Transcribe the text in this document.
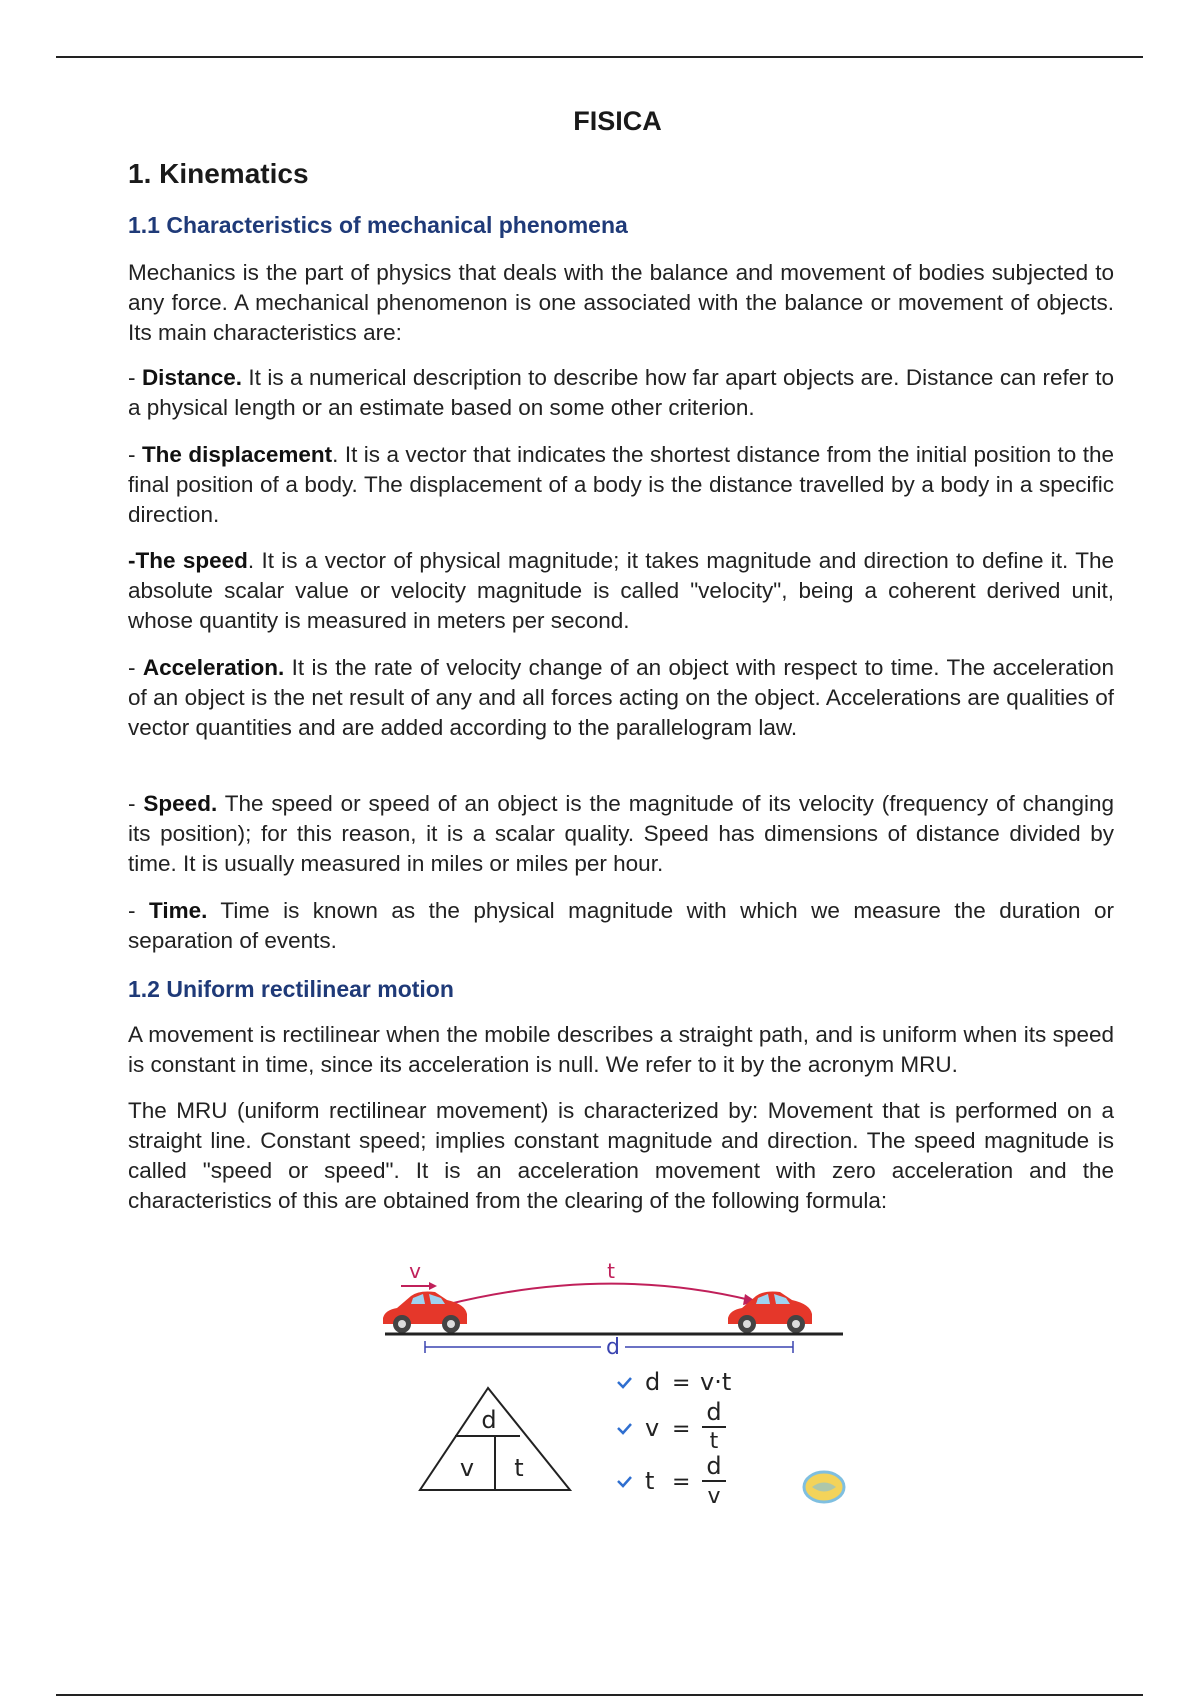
FISICA
1. Kinematics
1.1 Characteristics of mechanical phenomena

Mechanics is the part of physics that deals with the balance and movement of bodies subjected to any force. A mechanical phenomenon is one associated with the balance or movement of objects. Its main characteristics are:

- Distance. It is a numerical description to describe how far apart objects are. Distance can refer to a physical length or an estimate based on some other criterion.

- The displacement. It is a vector that indicates the shortest distance from the initial position to the final position of a body. The displacement of a body is the distance travelled by a body in a specific direction.

-The speed. It is a vector of physical magnitude; it takes magnitude and direction to define it. The absolute scalar value or velocity magnitude is called "velocity", being a coherent derived unit, whose quantity is measured in meters per second.

- Acceleration. It is the rate of velocity change of an object with respect to time. The acceleration of an object is the net result of any and all forces acting on the object. Accelerations are qualities of vector quantities and are added according to the parallelogram law.

- Speed. The speed or speed of an object is the magnitude of its velocity (frequency of changing its position); for this reason, it is a scalar quality. Speed has dimensions of distance divided by time. It is usually measured in miles or miles per hour.

- Time. Time is known as the physical magnitude with which we measure the duration or separation of events.

1.2 Uniform rectilinear motion

A movement is rectilinear when the mobile describes a straight path, and is uniform when its speed is constant in time, since its acceleration is null. We refer to it by the acronym MRU.

The MRU (uniform rectilinear movement) is characterized by: Movement that is performed on a straight line. Constant speed; implies constant magnitude and direction. The speed magnitude is called "speed or speed". It is an acceleration movement with zero acceleration and the characteristics of this are obtained from the clearing of the following formula:

v	t
d
d
v t
d = v·t
v =
d
t
t =
d
v
